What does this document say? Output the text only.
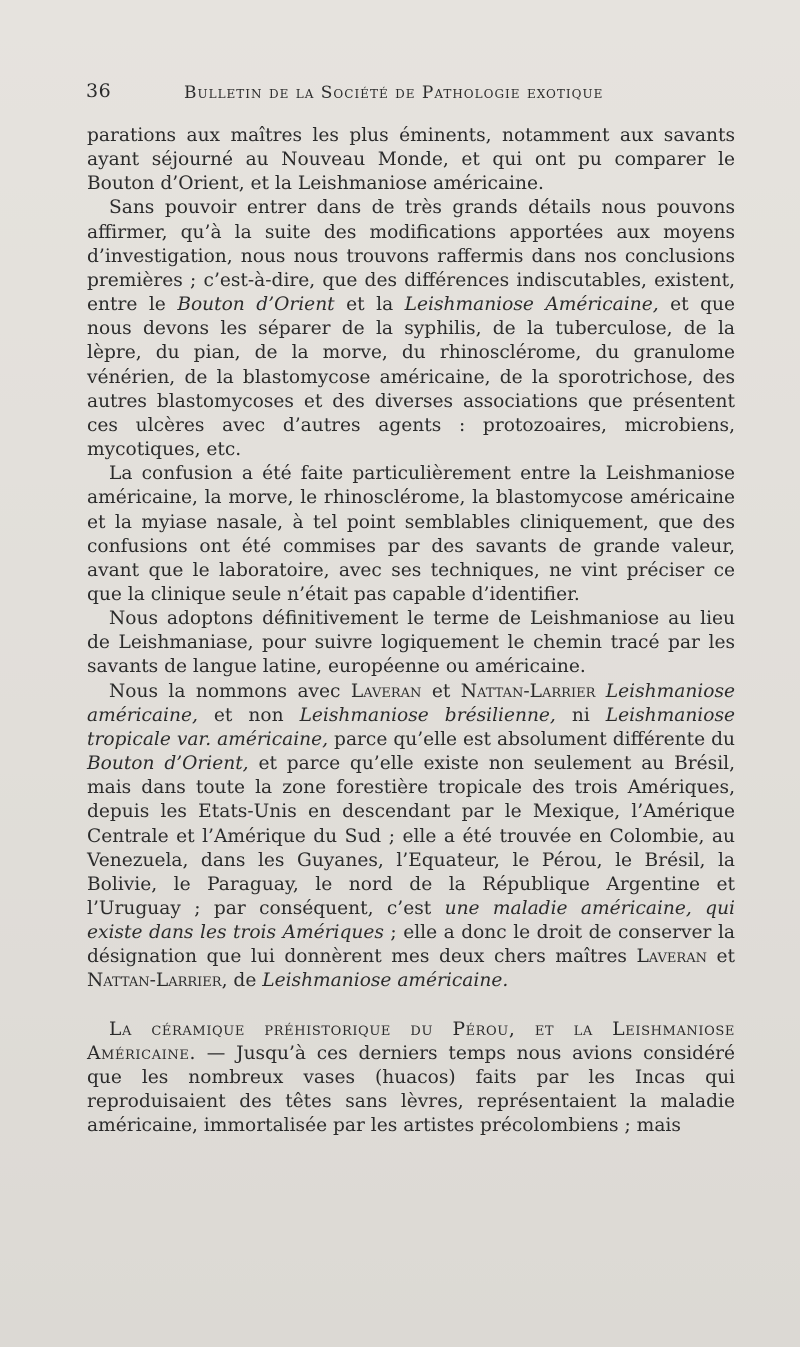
36	Bulletin de la Société de Pathologie exotique

parations aux maîtres les plus éminents, notamment aux savants ayant séjourné au Nouveau Monde, et qui ont pu comparer le Bouton d’Orient, et la Leishmaniose américaine.

Sans pouvoir entrer dans de très grands détails nous pouvons affirmer, qu’à la suite des modifications apportées aux moyens d’investigation, nous nous trouvons raffermis dans nos conclusions premières ; c’est-à-dire, que des différences indiscutables, existent, entre le Bouton d’Orient et la Leishmaniose Américaine, et que nous devons les séparer de la syphilis, de la tuberculose, de la lèpre, du pian, de la morve, du rhinosclérome, du granulome vénérien, de la blastomycose américaine, de la sporotrichose, des autres blastomycoses et des diverses associations que présentent ces ulcères avec d’autres agents : protozoaires, microbiens, mycotiques, etc.

La confusion a été faite particulièrement entre la Leishmaniose américaine, la morve, le rhinosclérome, la blastomycose américaine et la myiase nasale, à tel point semblables cliniquement, que des confusions ont été commises par des savants de grande valeur, avant que le laboratoire, avec ses techniques, ne vint préciser ce que la clinique seule n’était pas capable d’identifier.

Nous adoptons définitivement le terme de Leishmaniose au lieu de Leishmaniase, pour suivre logiquement le chemin tracé par les savants de langue latine, européenne ou américaine.

Nous la nommons avec Laveran et Nattan-Larrier Leishmaniose américaine, et non Leishmaniose brésilienne, ni Leishmaniose tropicale var. américaine, parce qu’elle est absolument différente du Bouton d’Orient, et parce qu’elle existe non seulement au Brésil, mais dans toute la zone forestière tropicale des trois Amériques, depuis les Etats-Unis en descendant par le Mexique, l’Amérique Centrale et l’Amérique du Sud ; elle a été trouvée en Colombie, au Venezuela, dans les Guyanes, l’Equateur, le Pérou, le Brésil, la Bolivie, le Paraguay, le nord de la République Argentine et l’Uruguay ; par conséquent, c’est une maladie américaine, qui existe dans les trois Amériques ; elle a donc le droit de conserver la désignation que lui donnèrent mes deux chers maîtres Laveran et Nattan-Larrier, de Leishmaniose américaine.

La céramique préhistorique du Pérou, et la Leishmaniose Américaine. — Jusqu’à ces derniers temps nous avions considéré que les nombreux vases (huacos) faits par les Incas qui reproduisaient des têtes sans lèvres, représentaient la maladie américaine, immortalisée par les artistes précolombiens ; mais
